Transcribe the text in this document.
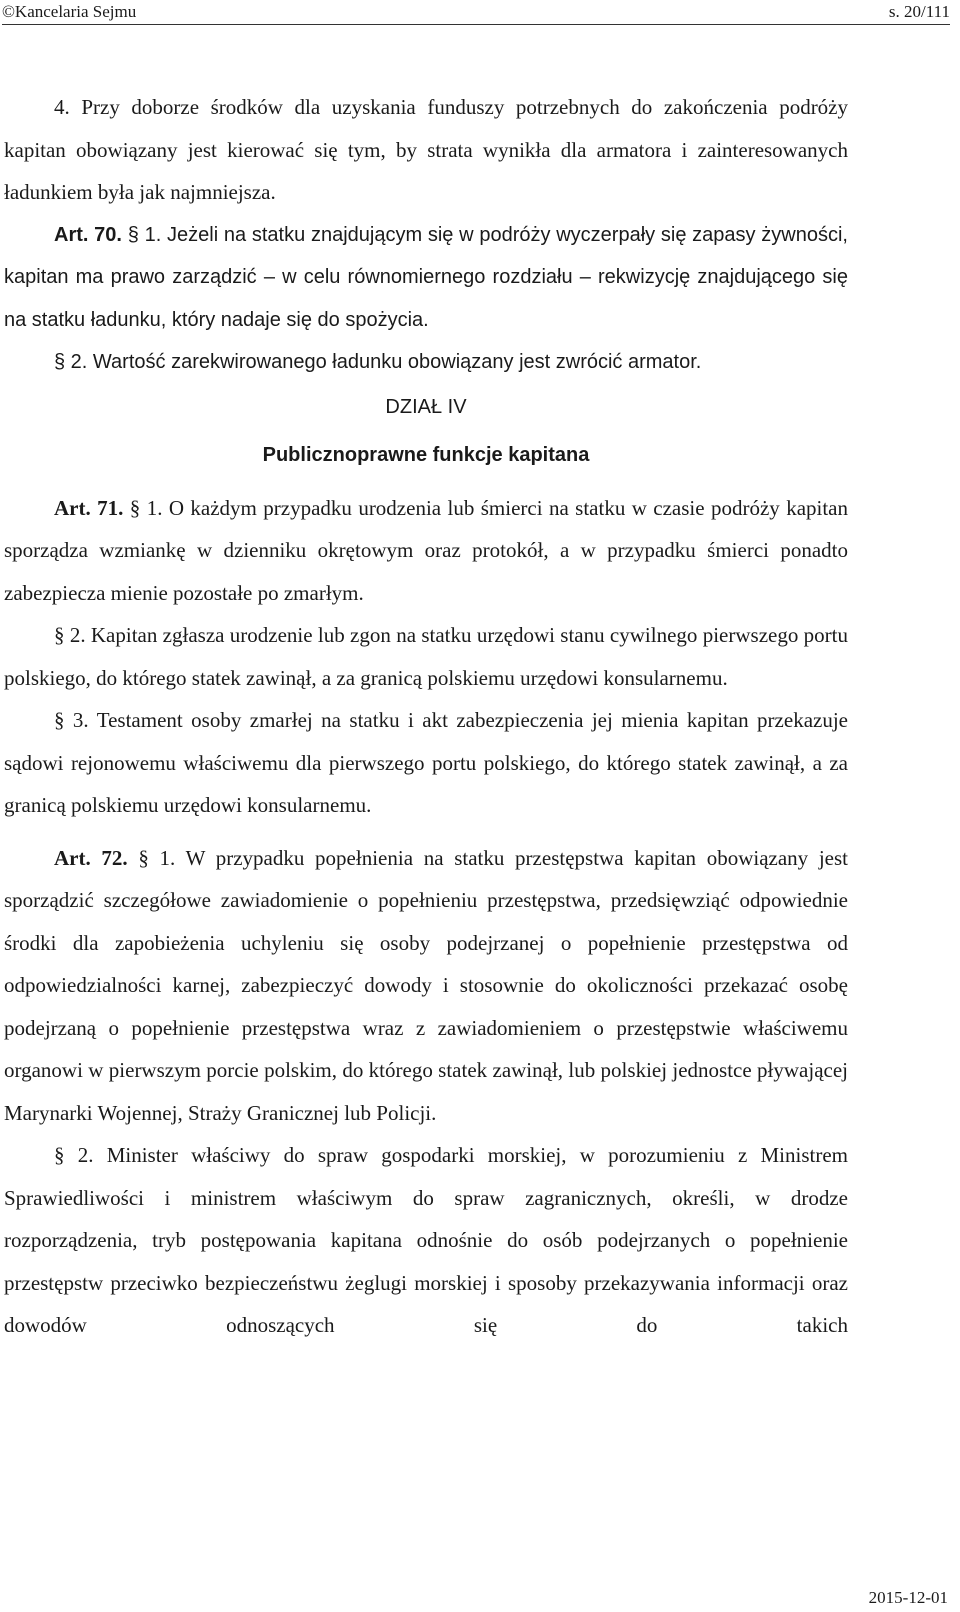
©Kancelaria Sejmu	s. 20/111

4. Przy doborze środków dla uzyskania funduszy potrzebnych do zakończenia podróży kapitan obowiązany jest kierować się tym, by strata wynikła dla armatora i zainteresowanych ładunkiem była jak najmniejsza.

Art. 70. § 1. Jeżeli na statku znajdującym się w podróży wyczerpały się zapasy żywności, kapitan ma prawo zarządzić – w celu równomiernego rozdziału – rekwizycję znajdującego się na statku ładunku, który nadaje się do spożycia.

§ 2. Wartość zarekwirowanego ładunku obowiązany jest zwrócić armator.

DZIAŁ IV

Publicznoprawne funkcje kapitana

Art. 71. § 1. O każdym przypadku urodzenia lub śmierci na statku w czasie podróży kapitan sporządza wzmiankę w dzienniku okrętowym oraz protokół, a w przypadku śmierci ponadto zabezpiecza mienie pozostałe po zmarłym.

§ 2. Kapitan zgłasza urodzenie lub zgon na statku urzędowi stanu cywilnego pierwszego portu polskiego, do którego statek zawinął, a za granicą polskiemu urzędowi konsularnemu.

§ 3. Testament osoby zmarłej na statku i akt zabezpieczenia jej mienia kapitan przekazuje sądowi rejonowemu właściwemu dla pierwszego portu polskiego, do którego statek zawinął, a za granicą polskiemu urzędowi konsularnemu.

Art. 72. § 1. W przypadku popełnienia na statku przestępstwa kapitan obowiązany jest sporządzić szczegółowe zawiadomienie o popełnieniu przestępstwa, przedsięwziąć odpowiednie środki dla zapobieżenia uchyleniu się osoby podejrzanej o popełnienie przestępstwa od odpowiedzialności karnej, zabezpieczyć dowody i stosownie do okoliczności przekazać osobę podejrzaną o popełnienie przestępstwa wraz z zawiadomieniem o przestępstwie właściwemu organowi w pierwszym porcie polskim, do którego statek zawinął, lub polskiej jednostce pływającej Marynarki Wojennej, Straży Granicznej lub Policji.

§ 2. Minister właściwy do spraw gospodarki morskiej, w porozumieniu z Ministrem Sprawiedliwości i ministrem właściwym do spraw zagranicznych, określi, w drodze rozporządzenia, tryb postępowania kapitana odnośnie do osób podejrzanych o popełnienie przestępstw przeciwko bezpieczeństwu żeglugi morskiej i sposoby przekazywania informacji oraz dowodów odnoszących się do takich

2015-12-01
